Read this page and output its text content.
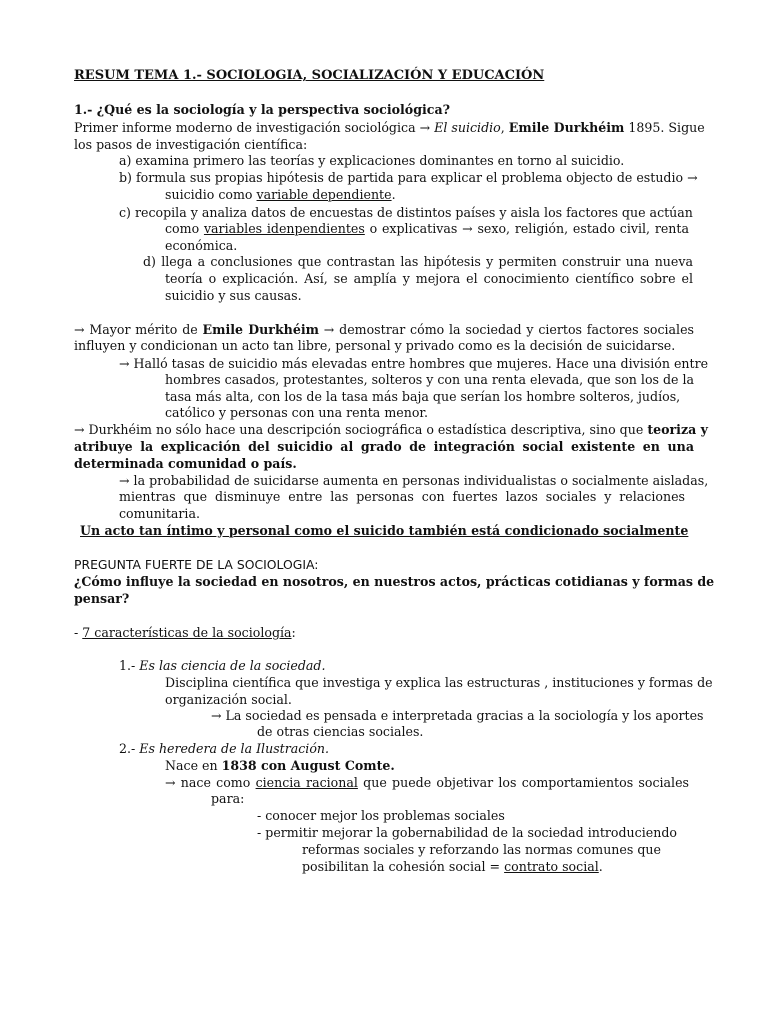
RESUM TEMA 1.- SOCIOLOGIA, SOCIALIZACIÓN Y EDUCACIÓN
1.- ¿Qué es la sociología y la perspectiva sociológica?
Primer informe moderno de investigación sociológica → El suicidio, Emile Durkhéim 1895. Sigue
los pasos de investigación científica:
a) examina primero las teorías y explicaciones dominantes en torno al suicidio.
b) formula sus propias hipótesis de partida para explicar el problema objecto de estudio →
suicidio como variable dependiente.
c) recopila y analiza datos de encuestas de distintos países y aisla los factores que actúan
como variables idenpendientes o explicativas → sexo, religión, estado civil, renta
económica.
d) llega a conclusiones que contrastan las hipótesis y permiten construir una nueva
teoría o explicación. Así, se amplía y mejora el conocimiento científico sobre el
suicidio y sus causas.
→ Mayor mérito de Emile Durkhéim → demostrar cómo la sociedad y ciertos factores sociales
influyen y condicionan un acto tan libre, personal y privado como es la decisión de suicidarse.
→ Halló tasas de suicidio más elevadas entre hombres que mujeres. Hace una división entre
hombres casados, protestantes, solteros y con una renta elevada, que son los de la
tasa más alta, con los de la tasa más baja que serían los hombre solteros, judíos,
católico y personas con una renta menor.
→ Durkhéim no sólo hace una descripción sociográfica o estadística descriptiva, sino que teoriza y
atribuye la explicación del suicidio al grado de integración social existente en una
determinada comunidad o país.
→ la probabilidad de suicidarse aumenta en personas individualistas o socialmente aisladas,
mientras que disminuye entre las personas con fuertes lazos sociales y relaciones
comunitaria.
Un acto tan íntimo y personal como el suicido también está condicionado socialmente
PREGUNTA FUERTE DE LA SOCIOLOGIA:
¿Cómo influye la sociedad en nosotros, en nuestros actos, prácticas cotidianas y formas de
pensar?
- 7 características de la sociología:
1.- Es las ciencia de la sociedad.
Disciplina científica que investiga y explica las estructuras , instituciones y formas de
organización social.
→ La sociedad es pensada e interpretada gracias a la sociología y los aportes
de otras ciencias sociales.
2.- Es heredera de la Ilustración.
Nace en 1838 con August Comte.
→ nace como ciencia racional que puede objetivar los comportamientos sociales
para:
- conocer mejor los problemas sociales
- permitir mejorar la gobernabilidad de la sociedad introduciendo
reformas sociales y reforzando las normas comunes que
posibilitan la cohesión social = contrato social.
